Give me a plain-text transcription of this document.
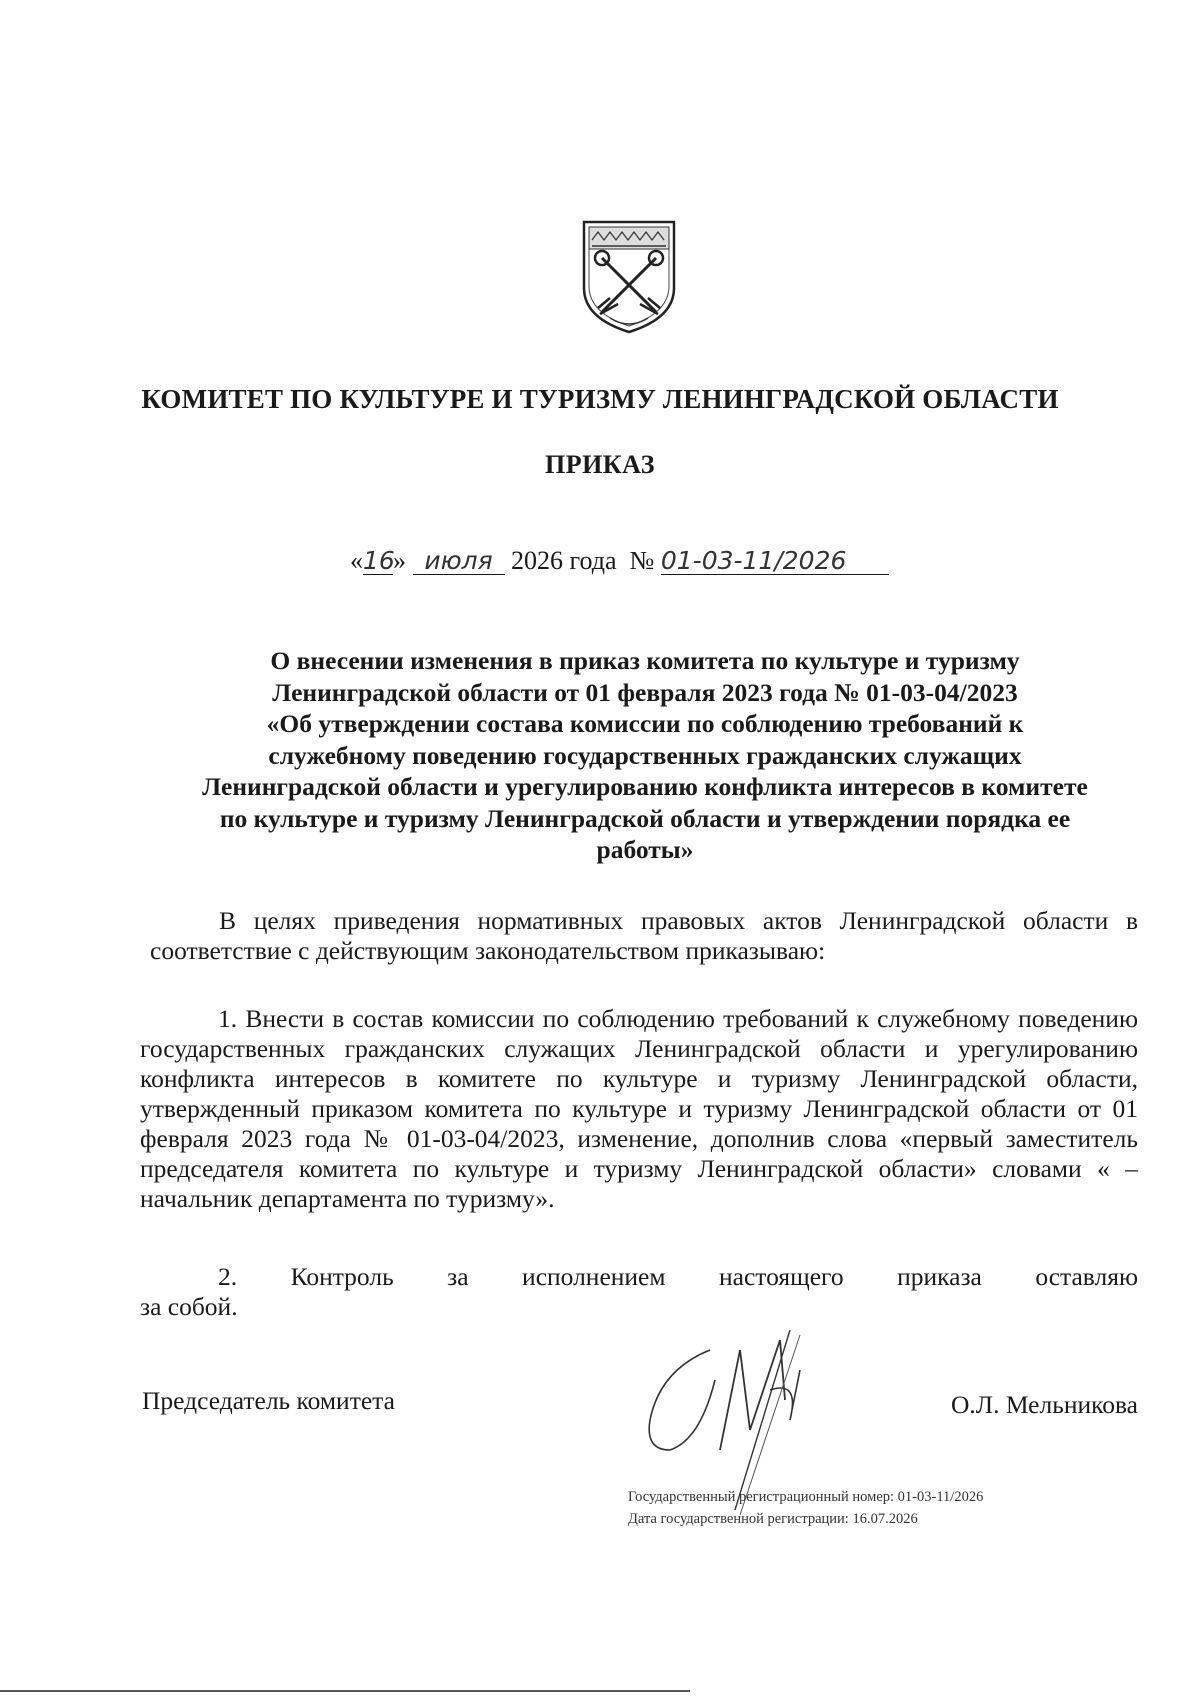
КОМИТЕТ ПО КУЛЬТУРЕ И ТУРИЗМУ ЛЕНИНГРАДСКОЙ ОБЛАСТИ
ПРИКАЗ
«16» июля 2026 года № 01-03-11/2026
О внесении изменения в приказ комитета по культуре и туризму
Ленинградской области от 01 февраля 2023 года № 01-03-04/2023
«Об утверждении состава комиссии по соблюдению требований к
служебному поведению государственных гражданских служащих
Ленинградской области и урегулированию конфликта интересов в комитете
по культуре и туризму Ленинградской области и утверждении порядка ее
работы»
В целях приведения нормативных правовых актов Ленинградской области в соответствие с действующим законодательством приказываю:
1. Внести в состав комиссии по соблюдению требований к служебному поведению государственных гражданских служащих Ленинградской области и урегулированию конфликта интересов в комитете по культуре и туризму Ленинградской области, утвержденный приказом комитета по культуре и туризму Ленинградской области от 01 февраля 2023 года № 01-03-04/2023, изменение, дополнив слова «первый заместитель председателя комитета по культуре и туризму Ленинградской области» словами « – начальник департамента по туризму».
2. Контроль за исполнением настоящего приказа оставляю
за собой.
Председатель комитета	О.Л. Мельникова
Государственный регистрационный номер: 01-03-11/2026
Дата государственной регистрации: 16.07.2026
